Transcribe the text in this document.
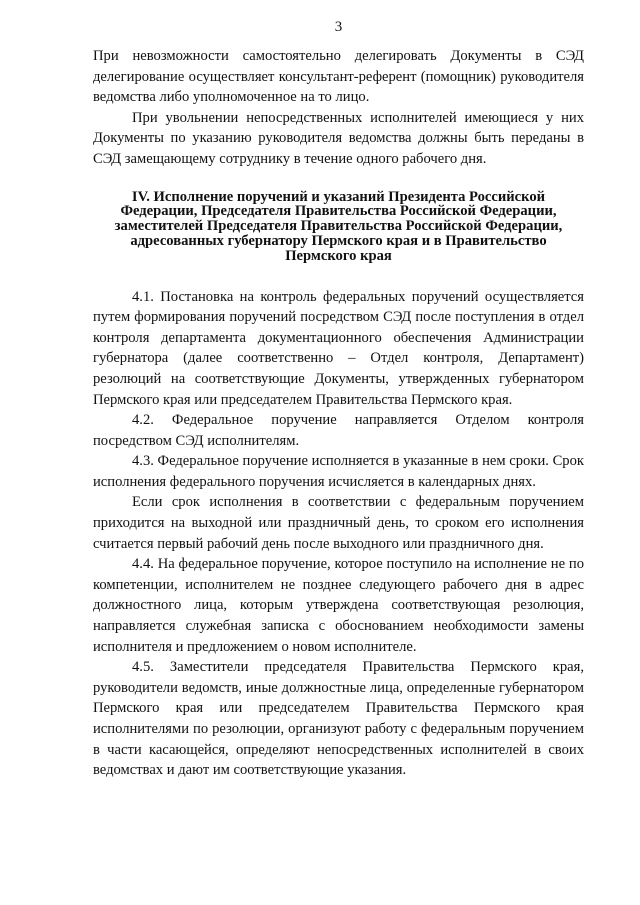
3

При невозможности самостоятельно делегировать Документы в СЭД делегирование осуществляет консультант-референт (помощник) руководителя ведомства либо уполномоченное на то лицо.

При увольнении непосредственных исполнителей имеющиеся у них Документы по указанию руководителя ведомства должны быть переданы в СЭД замещающему сотруднику в течение одного рабочего дня.

IV. Исполнение поручений и указаний Президента Российской Федерации, Председателя Правительства Российской Федерации, заместителей Председателя Правительства Российской Федерации, адресованных губернатору Пермского края и в Правительство Пермского края

4.1. Постановка на контроль федеральных поручений осуществляется путем формирования поручений посредством СЭД после поступления в отдел контроля департамента документационного обеспечения Администрации губернатора (далее соответственно – Отдел контроля, Департамент) резолюций на соответствующие Документы, утвержденных губернатором Пермского края или председателем Правительства Пермского края.

4.2. Федеральное поручение направляется Отделом контроля посредством СЭД исполнителям.

4.3. Федеральное поручение исполняется в указанные в нем сроки. Срок исполнения федерального поручения исчисляется в календарных днях.

Если срок исполнения в соответствии с федеральным поручением приходится на выходной или праздничный день, то сроком его исполнения считается первый рабочий день после выходного или праздничного дня.

4.4. На федеральное поручение, которое поступило на исполнение не по компетенции, исполнителем не позднее следующего рабочего дня в адрес должностного лица, которым утверждена соответствующая резолюция, направляется служебная записка с обоснованием необходимости замены исполнителя и предложением о новом исполнителе.

4.5. Заместители председателя Правительства Пермского края, руководители ведомств, иные должностные лица, определенные губернатором Пермского края или председателем Правительства Пермского края исполнителями по резолюции, организуют работу с федеральным поручением в части касающейся, определяют непосредственных исполнителей в своих ведомствах и дают им соответствующие указания.
